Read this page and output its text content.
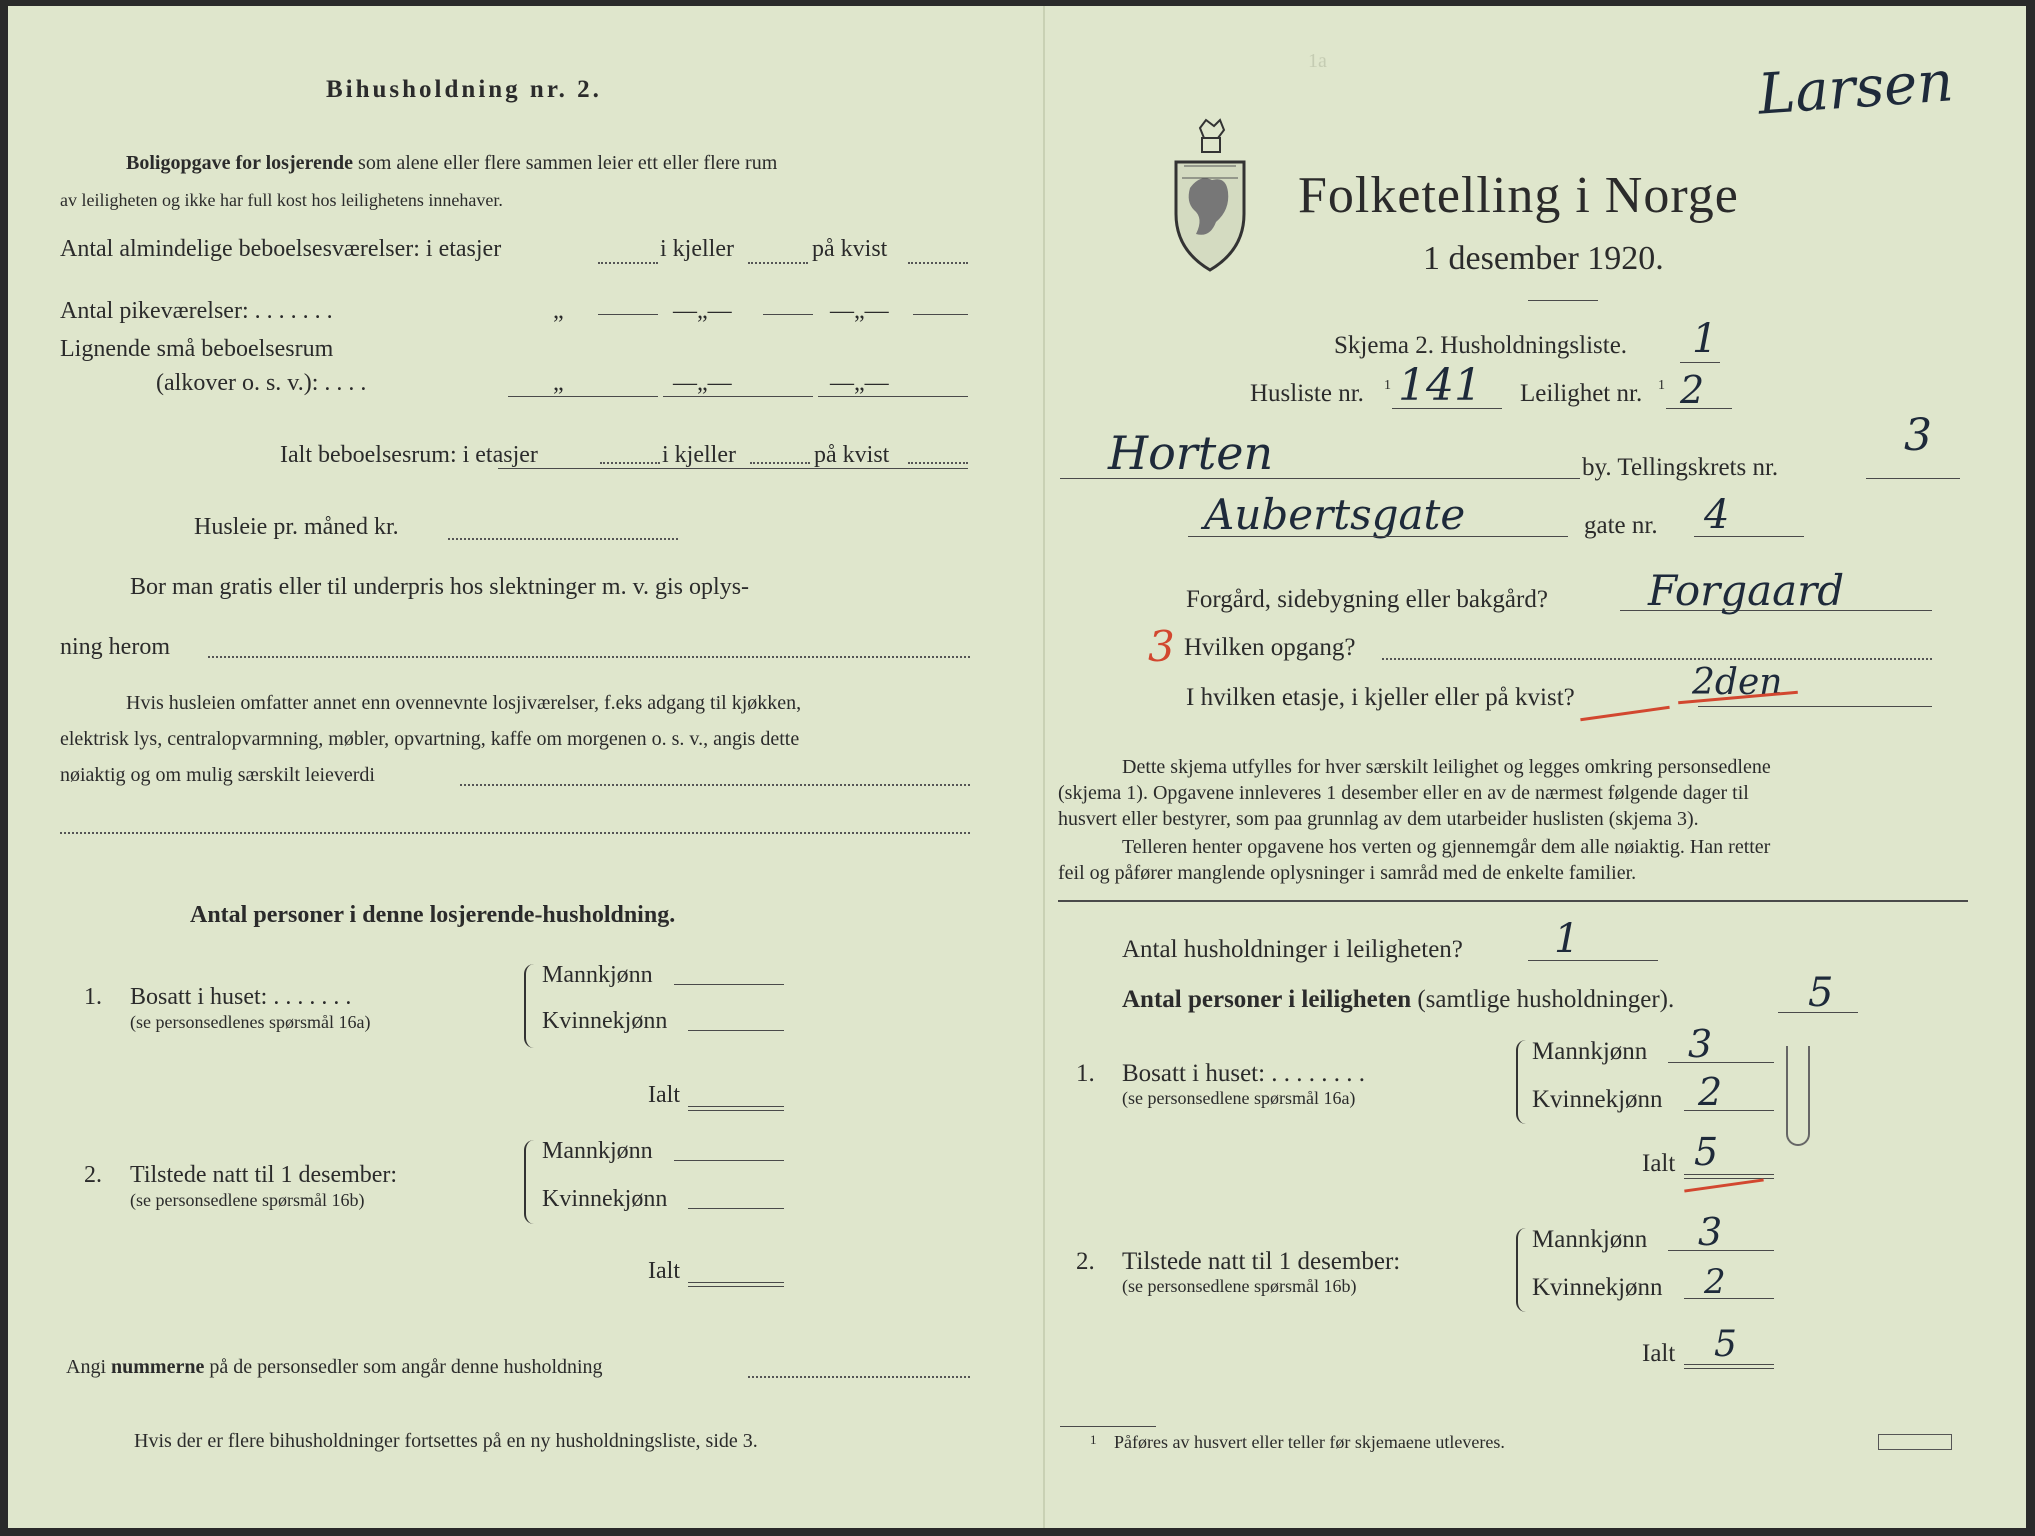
Bihusholdning nr. 2.
Boligopgave for losjerende som alene eller flere sammen leier ett eller flere rum
av leiligheten og ikke har full kost hos leilighetens innehaver.
Antal almindelige beboelsesværelser: i etasjer	i kjeller	på kvist
Antal pikeværelser: . . . . . . .	„	—„—	—„—
Lignende små beboelsesrum
(alkover o. s. v.): . . . .	„	—„—	—„—
Ialt beboelsesrum: i etasjer	i kjeller	på kvist
Husleie pr. måned kr.
Bor man gratis eller til underpris hos slektninger m. v. gis oplys-
ning herom
Hvis husleien omfatter annet enn ovennevnte losjiværelser, f.eks adgang til kjøkken,
elektrisk lys, centralopvarmning, møbler, opvartning, kaffe om morgenen o. s. v., angis dette
nøiaktig og om mulig særskilt leieverdi
Antal personer i denne losjerende-husholdning.
1. Bosatt i huset: . . . . . . .
(se personsedlenes spørsmål 16a)
Mannkjønn
Kvinnekjønn
Ialt
2. Tilstede natt til 1 desember:
(se personsedlene spørsmål 16b)
Mannkjønn
Kvinnekjønn
Ialt
Angi nummerne på de personsedler som angår denne husholdning
Hvis der er flere bihusholdninger fortsettes på en ny husholdningsliste, side 3.
1a
Folketelling i Norge
1 desember 1920.
Larsen
Skjema 2. Husholdningsliste. 1
Husliste nr. 1 141 Leilighet nr. 1 2
Horten	by. Tellingskrets nr.
3
Aubertsgate	gate nr. 4
Forgård, sidebygning eller bakgård? Forgaard
3 Hvilken opgang?
I hvilken etasje, i kjeller eller på kvist?	2den
Dette skjema utfylles for hver særskilt leilighet og legges omkring personsedlene
(skjema 1). Opgavene innleveres 1 desember eller en av de nærmest følgende dager til
husvert eller bestyrer, som paa grunnlag av dem utarbeider huslisten (skjema 3).
Telleren henter opgavene hos verten og gjennemgår dem alle nøiaktig. Han retter
feil og påfører manglende oplysninger i samråd med de enkelte familier.
Antal husholdninger i leiligheten? 1
Antal personer i leiligheten (samtlige husholdninger).	5
1. Bosatt i huset: . . . . . . . .
(se personsedlene spørsmål 16a)
Mannkjønn 3
Kvinnekjønn 2
Ialt 5
2. Tilstede natt til 1 desember:
(se personsedlene spørsmål 16b)
Mannkjønn 3
Kvinnekjønn 2
Ialt 5
1 Påføres av husvert eller teller før skjemaene utleveres.
